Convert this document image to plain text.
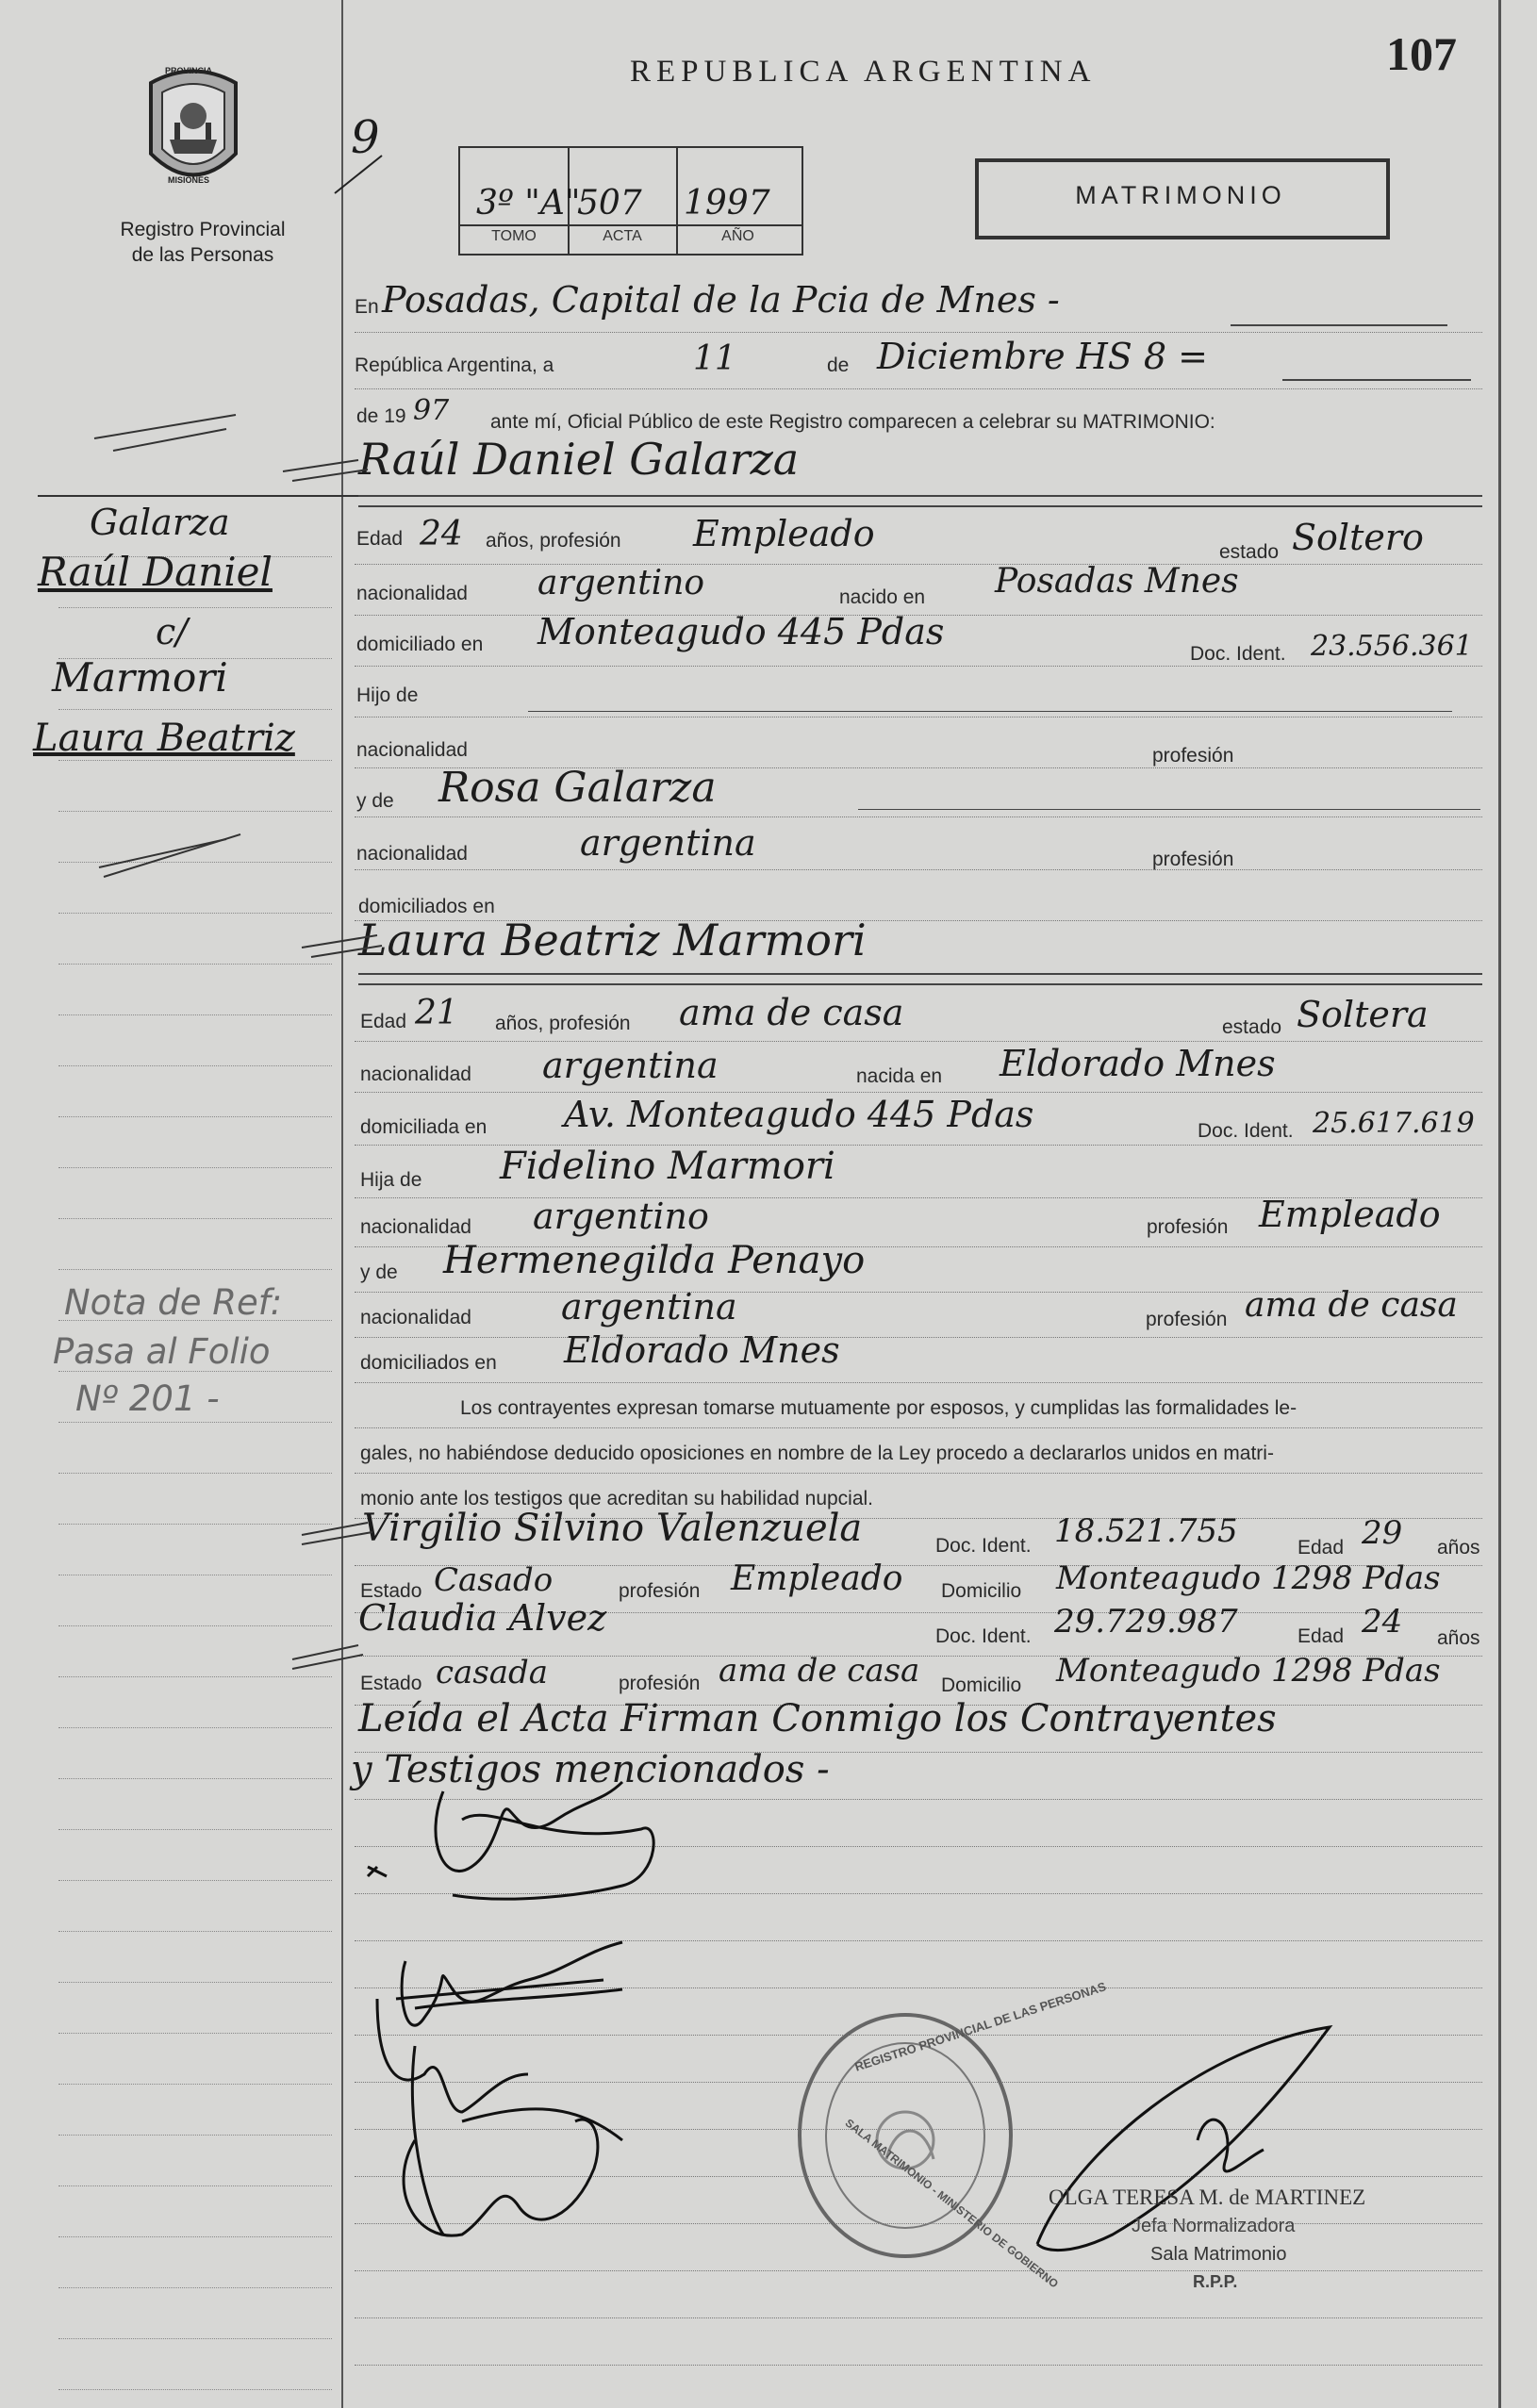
PROVINCIA
MISIONES
Registro Provincial
de las Personas
REPUBLICA ARGENTINA	107
9
3º "A"
507 1997
TOMO	ACTA	AÑO
MATRIMONIO
En Posadas, Capital de la Pcia de Mnes -
República Argentina, a	11	de Diciembre HS 8 =
de 19 97 ante mí, Oficial Público de este Registro comparecen a celebrar su MATRIMONIO:
Raúl Daniel Galarza
Edad 24 años, profesión Empleado	estado Soltero
nacionalidad argentino	nacido en Posadas Mnes
domiciliado en Monteagudo 445 Pdas
Doc. Ident. 23.556.361
Hijo de
nacionalidad	profesión
y de Rosa Galarza
nacionalidad	argentina	profesión
domiciliados en
Laura Beatriz Marmori
Edad 21 años, profesión ama de casa	estado Soltera
nacionalidad argentina	nacida en Eldorado Mnes
domiciliada en Av. Monteagudo 445 Pdas	Doc. Ident. 25.617.619
Hija de Fidelino Marmori
nacionalidad argentino	profesión Empleado
y de Hermenegilda Penayo
nacionalidad	argentina	profesión ama de casa
domiciliados en Eldorado Mnes
Los contrayentes expresan tomarse mutuamente por esposos, y cumplidas las formalidades le-
gales, no habiéndose deducido oposiciones en nombre de la Ley procedo a declararlos unidos en matri-
monio ante los testigos que acreditan su habilidad nupcial.
Virgilio Silvino Valenzuela	Doc. Ident. 18.521.755	Edad 29 años
Estado Casado	profesión Empleado Domicilio Monteagudo 1298 Pdas
Claudia Alvez	Doc. Ident. 29.729.987	Edad 24 años
Estado casada	profesión ama de casa Domicilio Monteagudo 1298 Pdas
Leída el Acta Firman Conmigo los Contrayentes
y Testigos mencionados -
Galarza
Raúl Daniel
c/
Marmori
Laura Beatriz
Nota de Ref:
Pasa al Folio
Nº 201 -
REGISTRO PROVINCIAL DE LAS PERSONAS
SALA MATRIMONIO - MINISTERIO DE GOBIERNO
OLGA TERESA M. de MARTINEZ
Jefa Normalizadora
Sala Matrimonio
R.P.P.
